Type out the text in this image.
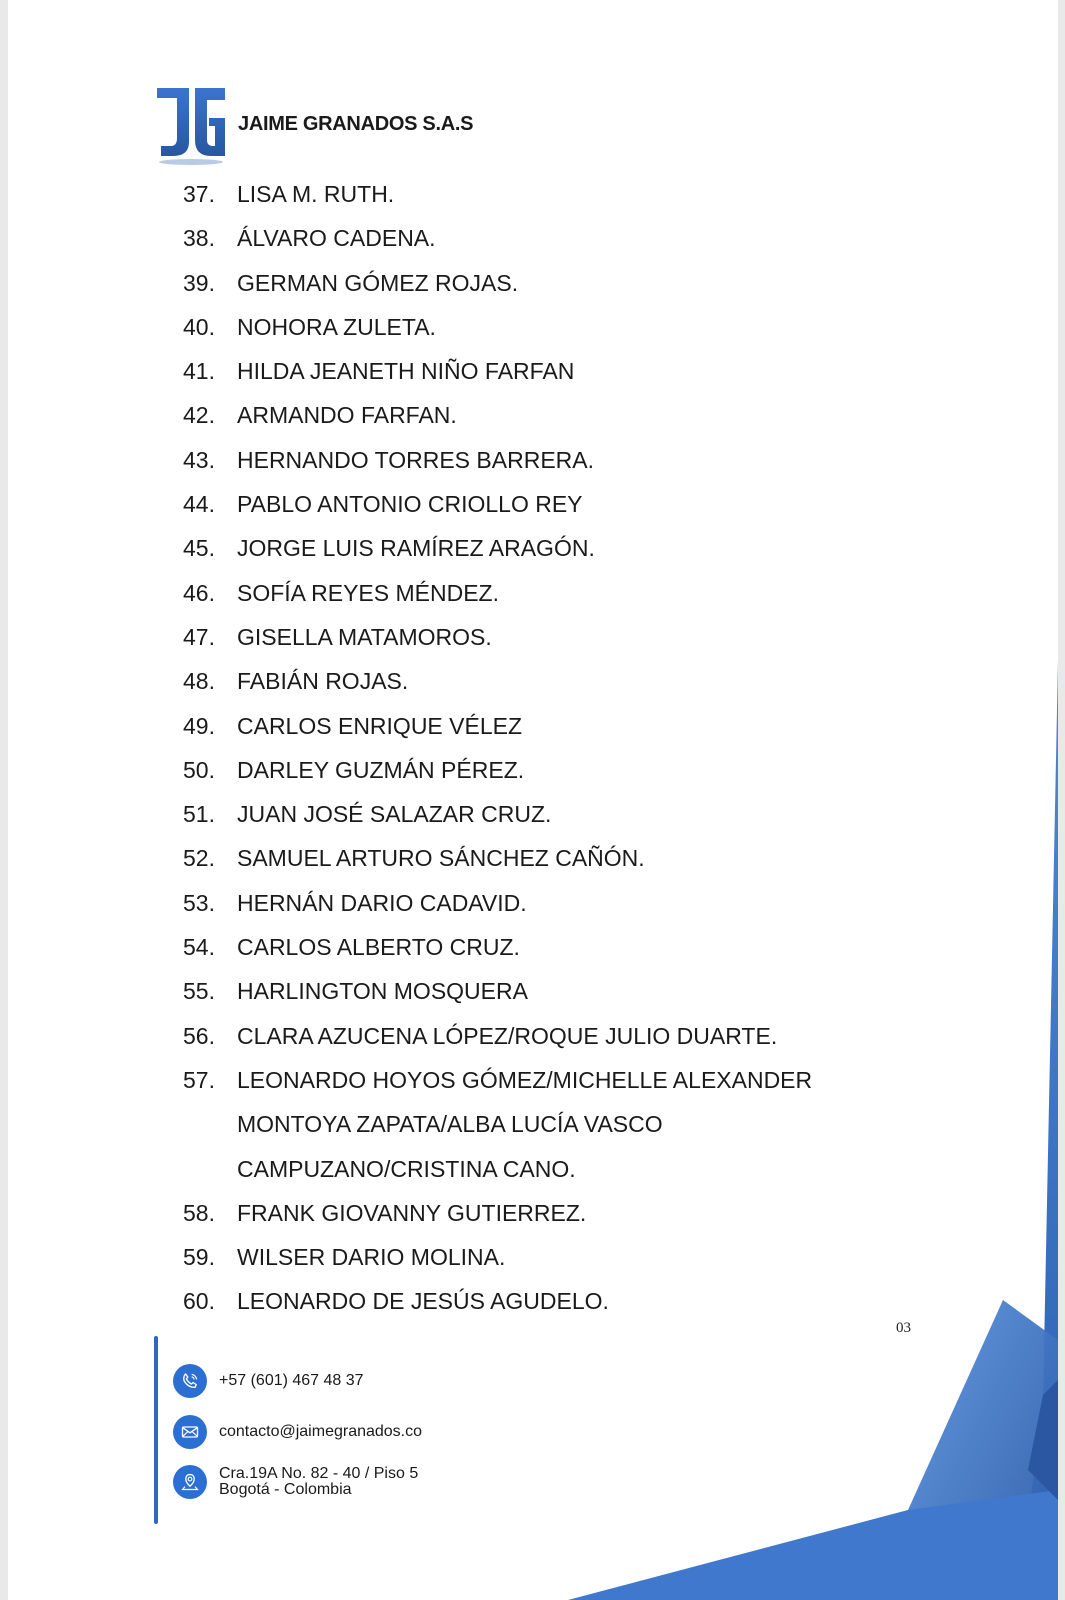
JAIME GRANADOS S.A.S
37. LISA M. RUTH.
38. ÁLVARO CADENA.
39. GERMAN GÓMEZ ROJAS.
40. NOHORA ZULETA.
41. HILDA JEANETH NIÑO FARFAN
42. ARMANDO FARFAN.
43. HERNANDO TORRES BARRERA.
44. PABLO ANTONIO CRIOLLO REY
45. JORGE LUIS RAMÍREZ ARAGÓN.
46. SOFÍA REYES MÉNDEZ.
47. GISELLA MATAMOROS.
48. FABIÁN ROJAS.
49. CARLOS ENRIQUE VÉLEZ
50. DARLEY GUZMÁN PÉREZ.
51. JUAN JOSÉ SALAZAR CRUZ.
52. SAMUEL ARTURO SÁNCHEZ CAÑÓN.
53. HERNÁN DARIO CADAVID.
54. CARLOS ALBERTO CRUZ.
55. HARLINGTON MOSQUERA
56. CLARA AZUCENA LÓPEZ/ROQUE JULIO DUARTE.
57. LEONARDO HOYOS GÓMEZ/MICHELLE ALEXANDER
MONTOYA ZAPATA/ALBA LUCÍA VASCO
CAMPUZANO/CRISTINA CANO.
58. FRANK GIOVANNY GUTIERREZ.
59. WILSER DARIO MOLINA.
60. LEONARDO DE JESÚS AGUDELO.
03
+57 (601) 467 48 37
contacto@jaimegranados.co
Cra.19A No. 82 - 40 / Piso 5
Bogotá - Colombia
